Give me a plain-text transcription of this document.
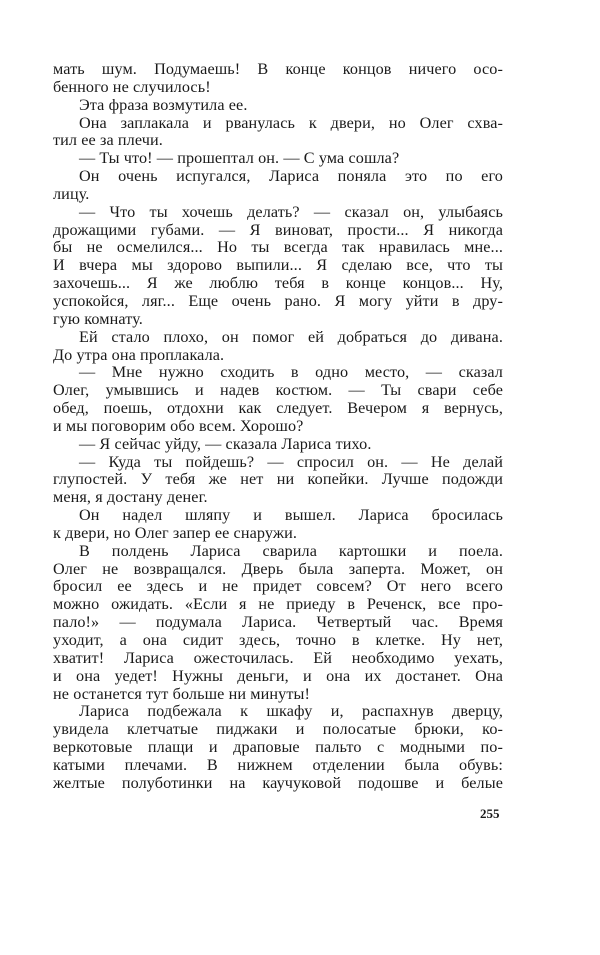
мать шум. Подумаешь! В конце концов ничего осо-
бенного не случилось!
Эта фраза возмутила ее.
Она заплакала и рванулась к двери, но Олег схва-
тил ее за плечи.
— Ты что! — прошептал он. — С ума сошла?
Он очень испугался, Лариса поняла это по его
лицу.
— Что ты хочешь делать? — сказал он, улыбаясь
дрожащими губами. — Я виноват, прости... Я никогда
бы не осмелился... Но ты всегда так нравилась мне...
И вчера мы здорово выпили... Я сделаю все, что ты
захочешь... Я же люблю тебя в конце концов... Ну,
успокойся, ляг... Еще очень рано. Я могу уйти в дру-
гую комнату.
Ей стало плохо, он помог ей добраться до дивана.
До утра она проплакала.
— Мне нужно сходить в одно место, — сказал
Олег, умывшись и надев костюм. — Ты свари себе
обед, поешь, отдохни как следует. Вечером я вернусь,
и мы поговорим обо всем. Хорошо?
— Я сейчас уйду, — сказала Лариса тихо.
— Куда ты пойдешь? — спросил он. — Не делай
глупостей. У тебя же нет ни копейки. Лучше подожди
меня, я достану денег.
Он надел шляпу и вышел. Лариса бросилась
к двери, но Олег запер ее снаружи.
В полдень Лариса сварила картошки и поела.
Олег не возвращался. Дверь была заперта. Может, он
бросил ее здесь и не придет совсем? От него всего
можно ожидать. «Если я не приеду в Реченск, все про-
пало!» — подумала Лариса. Четвертый час. Время
уходит, а она сидит здесь, точно в клетке. Ну нет,
хватит! Лариса ожесточилась. Ей необходимо уехать,
и она уедет! Нужны деньги, и она их достанет. Она
не останется тут больше ни минуты!
Лариса подбежала к шкафу и, распахнув дверцу,
увидела клетчатые пиджаки и полосатые брюки, ко-
веркотовые плащи и драповые пальто с модными по-
катыми плечами. В нижнем отделении была обувь:
желтые полуботинки на каучуковой подошве и белые
255
